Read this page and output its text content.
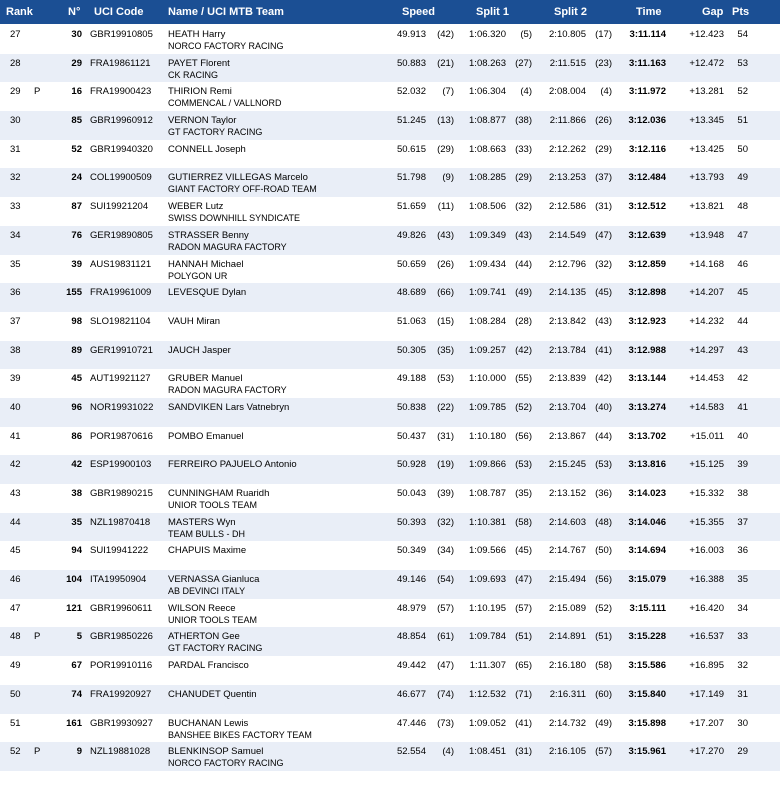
Rank	N° UCI Code Name / UCI MTB Team	Speed	Split 1	Split 2	Time	Gap Pts
27	30 GBR19910805 HEATH Harry
NORCO FACTORY RACING
49.913	(42)	1:06.320	(5)	2:10.805 (17)	3:11.114	+12.423	54
28	29 FRA19861121 PAYET Florent
CK RACING
50.883	(21)	1:08.263 (27)	2:11.515 (23)	3:11.163	+12.472	53
29 P	16 FRA19900423 THIRION Remi
COMMENCAL / VALLNORD
52.032	(7)	1:06.304	(4)	2:08.004	(4)	3:11.972	+13.281	52
30	85 GBR19960912 VERNON Taylor
GT FACTORY RACING
51.245	(13)	1:08.877 (38)	2:11.866 (26)	3:12.036	+13.345	51
31	52 GBR19940320 CONNELL Joseph	50.615	(29)	1:08.663 (33)	2:12.262 (29)	3:12.116	+13.425	50
32	24 COL19900509 GUTIERREZ VILLEGAS Marcelo
GIANT FACTORY OFF-ROAD TEAM
51.798	(9)	1:08.285 (29)	2:13.253 (37)	3:12.484	+13.793	49
33	87 SUI19921204 WEBER Lutz
SWISS DOWNHILL SYNDICATE
51.659	(11)	1:08.506 (32)	2:12.586 (31)	3:12.512	+13.821	48
34	76 GER19890805 STRASSER Benny
RADON MAGURA FACTORY
49.826	(43)	1:09.349 (43)	2:14.549 (47)	3:12.639	+13.948	47
35	39 AUS19831121 HANNAH Michael
POLYGON UR
50.659	(26)	1:09.434 (44)	2:12.796 (32)	3:12.859	+14.168	46
36	155 FRA19961009 LEVESQUE Dylan	48.689	(66)	1:09.741 (49)	2:14.135 (45)	3:12.898	+14.207	45
37	98 SLO19821104 VAUH Miran	51.063	(15)	1:08.284 (28)	2:13.842 (43)	3:12.923	+14.232	44
38	89 GER19910721 JAUCH Jasper	50.305	(35)	1:09.257 (42)	2:13.784 (41)	3:12.988	+14.297	43
39	45 AUT19921127 GRUBER Manuel
RADON MAGURA FACTORY
49.188	(53)	1:10.000 (55)	2:13.839 (42)	3:13.144	+14.453	42
40	96 NOR19931022 SANDVIKEN Lars Vatnebryn	50.838	(22)	1:09.785 (52)	2:13.704 (40)	3:13.274	+14.583	41
41	86 POR19870616 POMBO Emanuel	50.437	(31)	1:10.180 (56)	2:13.867 (44)	3:13.702	+15.011	40
42	42 ESP19900103 FERREIRO PAJUELO Antonio	50.928	(19)	1:09.866 (53)	2:15.245 (53)	3:13.816	+15.125	39
43	38 GBR19890215 CUNNINGHAM Ruaridh
UNIOR TOOLS TEAM
50.043	(39)	1:08.787 (35)	2:13.152 (36)	3:14.023	+15.332	38
44	35 NZL19870418 MASTERS Wyn
TEAM BULLS - DH
50.393	(32)	1:10.381 (58)	2:14.603 (48)	3:14.046	+15.355	37
45	94 SUI19941222 CHAPUIS Maxime	50.349	(34)	1:09.566 (45)	2:14.767 (50)	3:14.694	+16.003	36
46	104 ITA19950904 VERNASSA Gianluca
AB DEVINCI ITALY
49.146	(54)	1:09.693 (47)	2:15.494 (56)	3:15.079	+16.388	35
47	121 GBR19960611 WILSON Reece
UNIOR TOOLS TEAM
48.979	(57)	1:10.195 (57)	2:15.089 (52)	3:15.111	+16.420	34
48 P	5 GBR19850226 ATHERTON Gee
GT FACTORY RACING
48.854	(61)	1:09.784 (51)	2:14.891 (51)	3:15.228	+16.537	33
49	67 POR19910116 PARDAL Francisco	49.442	(47)	1:11.307 (65)	2:16.180 (58)	3:15.586	+16.895	32
50	74 FRA19920927 CHANUDET Quentin	46.677	(74)	1:12.532 (71)	2:16.311 (60)	3:15.840	+17.149	31
51	161 GBR19930927 BUCHANAN Lewis
BANSHEE BIKES FACTORY TEAM
47.446	(73)	1:09.052 (41)	2:14.732 (49)	3:15.898	+17.207	30
52 P	9 NZL19881028 BLENKINSOP Samuel
NORCO FACTORY RACING
52.554	(4)	1:08.451 (31)	2:16.105 (57)	3:15.961	+17.270	29
